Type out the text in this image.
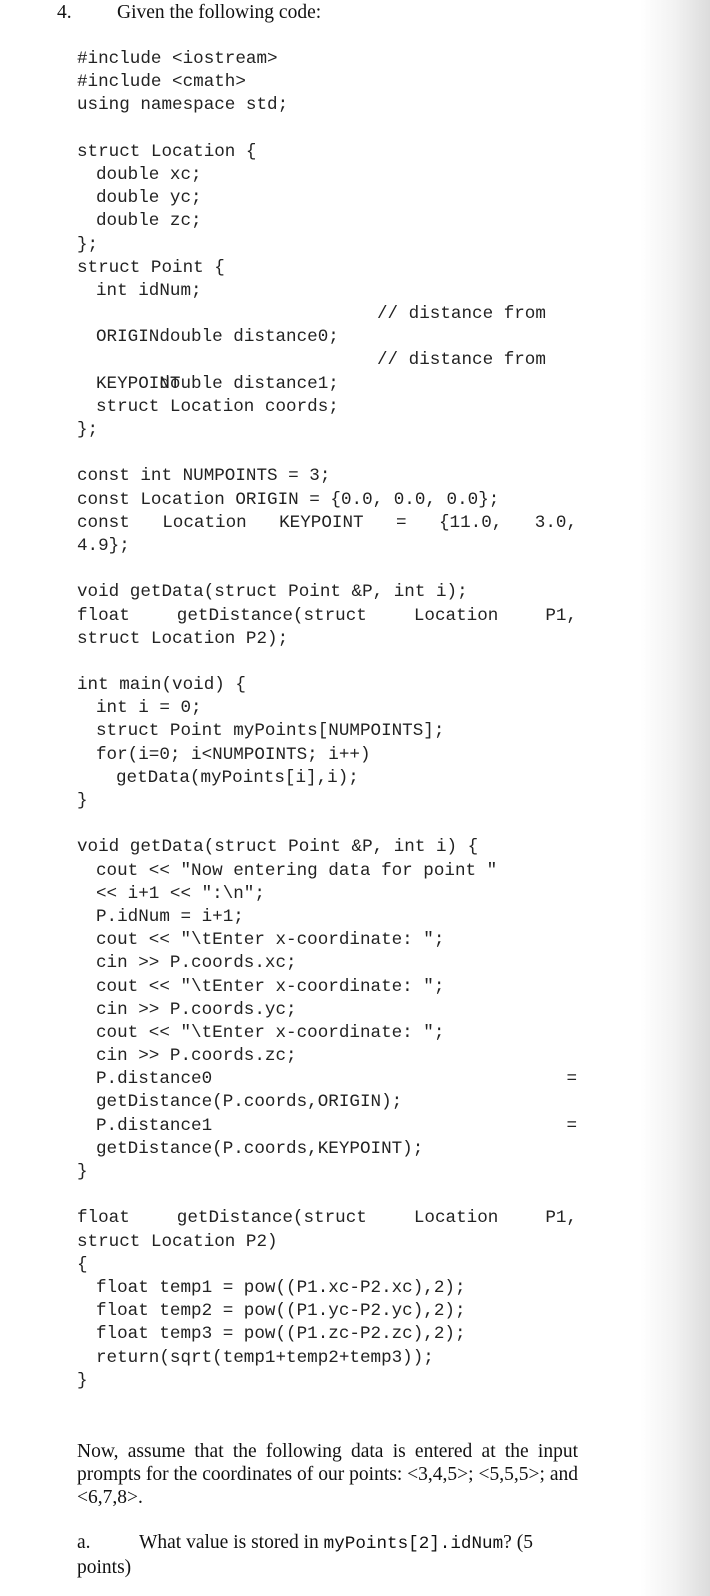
4. Given the following code:
#include <iostream>
#include <cmath>
using namespace std;
struct Location {
double xc;
double yc;
double zc;
};
struct Point {
int idNum;

double distance0;

// distance from

ORIGIN

double distance1;

// distance from

KEYPOINT
struct Location coords;
};
const int NUMPOINTS = 3;
const Location ORIGIN = {0.0, 0.0, 0.0};
const Location KEYPOINT = {11.0, 3.0,
4.9};
void getData(struct Point &P, int i);
float	getDistance(struct	Location	P1,
struct Location P2);
int main(void) {
int i = 0;
struct Point myPoints[NUMPOINTS];
for(i=0; i<NUMPOINTS; i++)
getData(myPoints[i],i);
}
void getData(struct Point &P, int i) {
cout << "Now entering data for point "
<< i+1 << ":\n";
P.idNum = i+1;
cout << "\tEnter x-coordinate: ";
cin >> P.coords.xc;
cout << "\tEnter x-coordinate: ";
cin >> P.coords.yc;
cout << "\tEnter x-coordinate: ";
cin >> P.coords.zc;
P.distance0	=
getDistance(P.coords,ORIGIN);
P.distance1	=
getDistance(P.coords,KEYPOINT);
}
float	getDistance(struct	Location	P1,
struct Location P2)
{
float temp1 = pow((P1.xc-P2.xc),2);
float temp2 = pow((P1.yc-P2.yc),2);
float temp3 = pow((P1.zc-P2.zc),2);
return(sqrt(temp1+temp2+temp3));
}
Now, assume that the following data is entered at the input prompts for the coordinates of our points: <3,4,5>; <5,5,5>; and <6,7,8>.
a. What value is stored in myPoints[2].idNum? (5 points)
